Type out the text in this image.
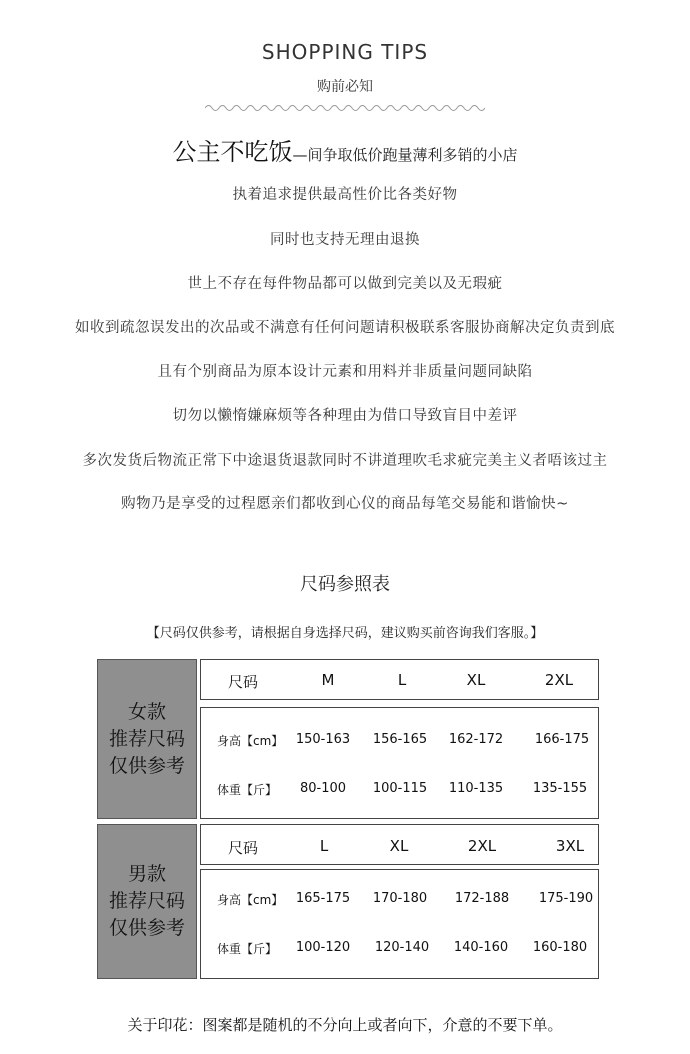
SHOPPING TIPS
购前必知
公主不吃饭—间争取低价跑量薄利多销的小店
执着追求提供最高性价比各类好物
同时也支持无理由退换
世上不存在每件物品都可以做到完美以及无瑕疵
如收到疏忽误发出的次品或不满意有任何问题请积极联系客服协商解决定负责到底
且有个别商品为原本设计元素和用料并非质量问题同缺陷
切勿以懒惰嫌麻烦等各种理由为借口导致盲目中差评
多次发货后物流正常下中途退货退款同时不讲道理吹毛求疵完美主义者唔该过主
购物乃是享受的过程愿亲们都收到心仪的商品每笔交易能和谐愉快~
尺码参照表
【尺码仅供参考，请根据自身选择尺码，建议购买前咨询我们客服。】
女款
推荐尺码
仅供参考
尺码	M	L	XL	2XL
身高【cm】 150-163 156-165 162-172 166-175
体重【斤】 80-100 100-115 110-135 135-155
男款
推荐尺码
仅供参考
尺码	L	XL	2XL	3XL
身高【cm】 165-175 170-180 172-188 175-190
体重【斤】 100-120 120-140 140-160 160-180
关于印花：图案都是随机的不分向上或者向下，介意的不要下单。
